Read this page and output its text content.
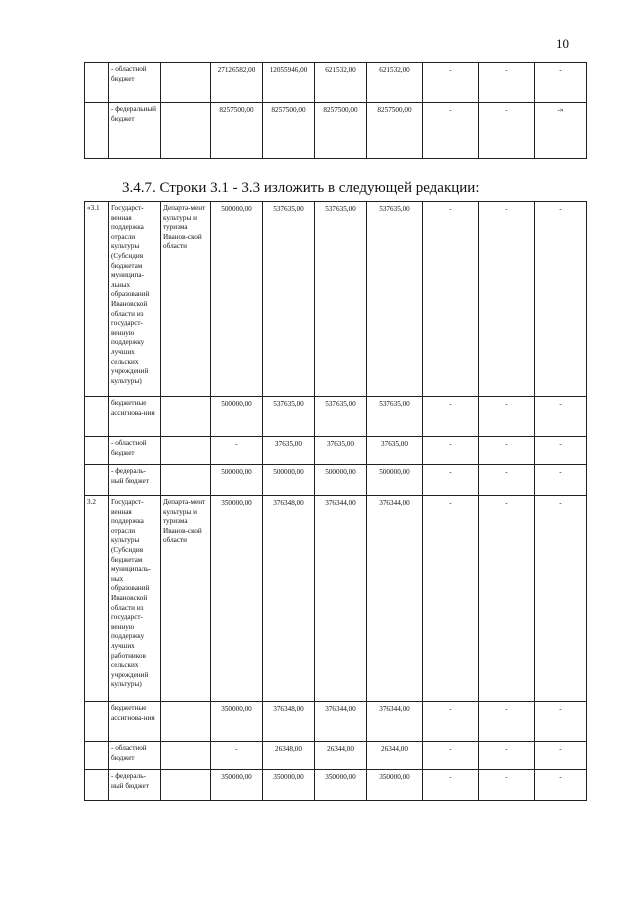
10
	- областной бюджет		27126582,00	12055946,00	621532,00	621532,00	-	-	-
	- федеральный бюджет		8257500,00	8257500,00	8257500,00	8257500,00	-	-	-»
3.4.7. Строки 3.1 - 3.3 изложить в следующей редакции:
«3.1	Государст-венная поддержка отрасли культуры (Субсидия бюджетам муниципа-льных образований Ивановской области из государст-венную поддержку лучших сельских учреждений культуры)	Департа-мент культуры и туризма Иванов-ской области	500000,00	537635,00	537635,00	537635,00	-	-	-
	бюджетные ассигнова-ния		500000,00	537635,00	537635,00	537635,00	-	-	-
	- областной бюджет		-	37635,00	37635,00	37635,00	-	-	-
	- федераль-ный бюджет		500000,00	500000,00	500000,00	500000,00	-	-	-
3.2	Государст-венная поддержка отрасли культуры (Субсидия бюджетам муниципаль-ных образований Ивановской области из государст-венную поддержку лучших работников сельских учреждений культуры)	Департа-мент культуры и туризма Иванов-ской области	350000,00	376348,00	376344,00	376344,00	-	-	-
	бюджетные ассигнова-ния		350000,00	376348,00	376344,00	376344,00	-	-	-
	- областной бюджет		-	26348,00	26344,00	26344,00	-	-	-
	- федераль-ный бюджет		350000,00	350000,00	350000,00	350000,00	-	-	-
